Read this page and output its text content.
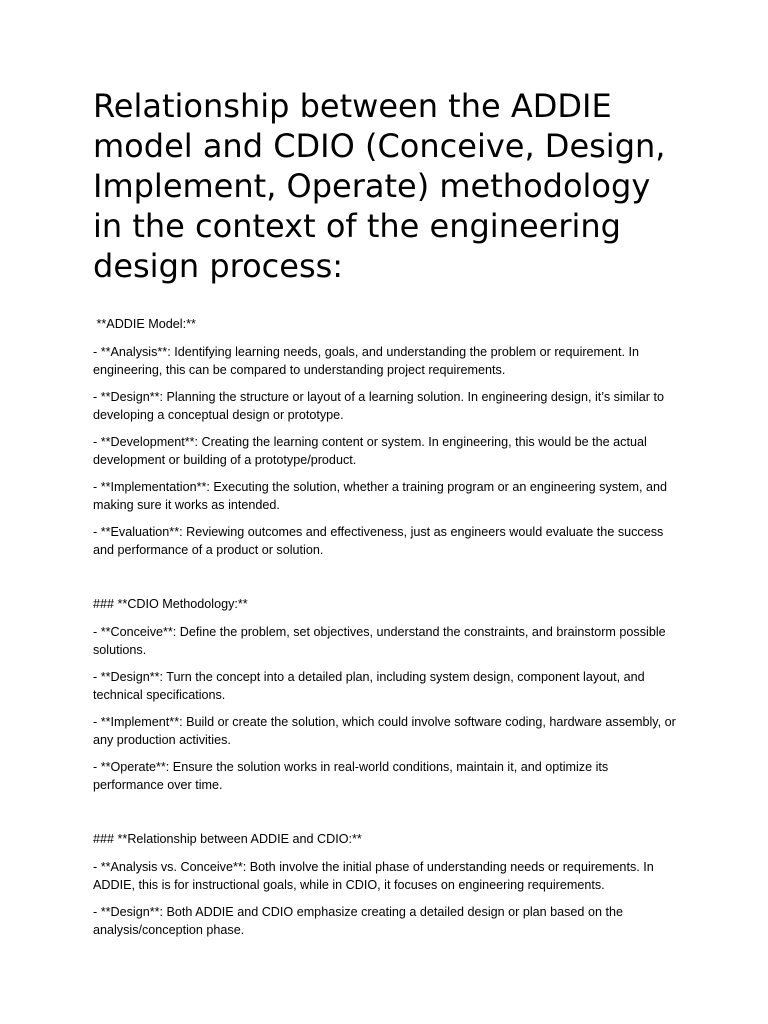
Relationship between the ADDIE model and CDIO (Conceive, Design, Implement, Operate) methodology in the context of the engineering design process:
**ADDIE Model:**
- **Analysis**: Identifying learning needs, goals, and understanding the problem or requirement. In engineering, this can be compared to understanding project requirements.
- **Design**: Planning the structure or layout of a learning solution. In engineering design, it’s similar to developing a conceptual design or prototype.
- **Development**: Creating the learning content or system. In engineering, this would be the actual development or building of a prototype/product.
- **Implementation**: Executing the solution, whether a training program or an engineering system, and making sure it works as intended.
- **Evaluation**: Reviewing outcomes and effectiveness, just as engineers would evaluate the success and performance of a product or solution.
### **CDIO Methodology:**
- **Conceive**: Define the problem, set objectives, understand the constraints, and brainstorm possible solutions.
- **Design**: Turn the concept into a detailed plan, including system design, component layout, and technical specifications.
- **Implement**: Build or create the solution, which could involve software coding, hardware assembly, or any production activities.
- **Operate**: Ensure the solution works in real-world conditions, maintain it, and optimize its performance over time.
### **Relationship between ADDIE and CDIO:**
- **Analysis vs. Conceive**: Both involve the initial phase of understanding needs or requirements. In ADDIE, this is for instructional goals, while in CDIO, it focuses on engineering requirements.
- **Design**: Both ADDIE and CDIO emphasize creating a detailed design or plan based on the analysis/conception phase.
